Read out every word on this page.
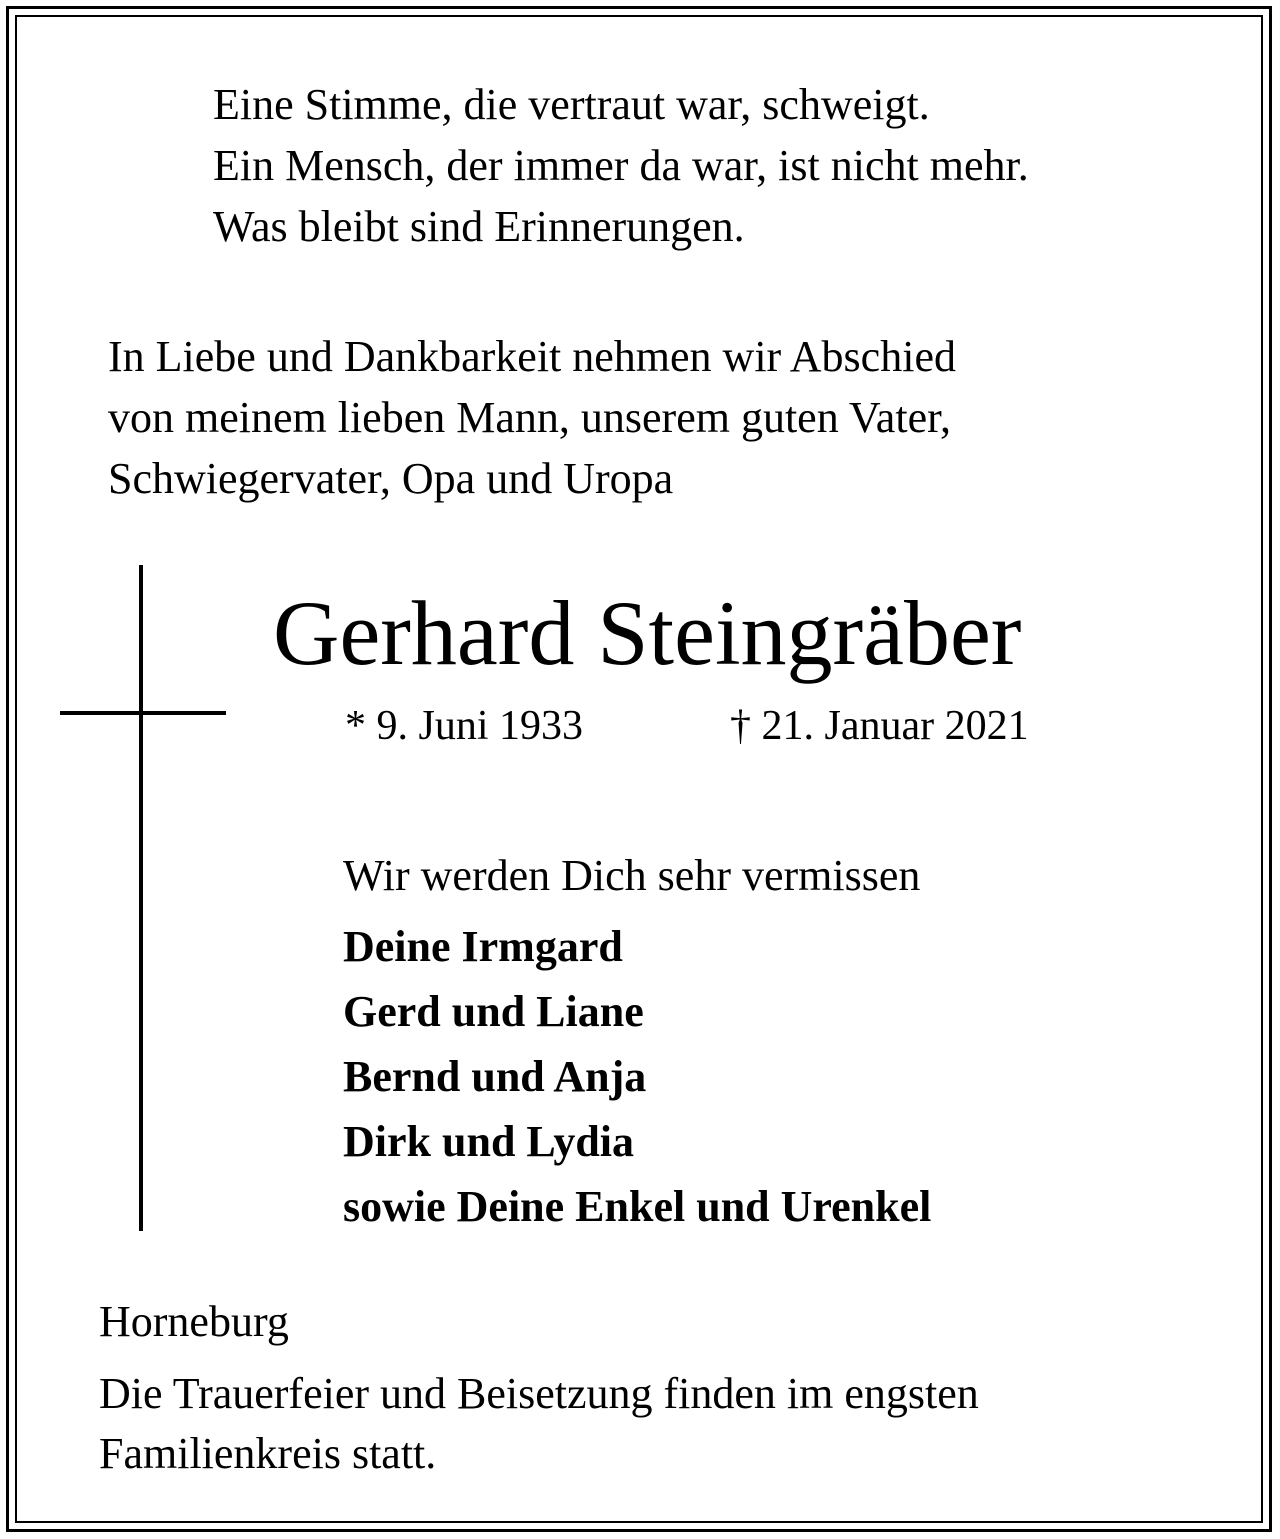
Eine Stimme, die vertraut war, schweigt.
Ein Mensch, der immer da war, ist nicht mehr.
Was bleibt sind Erinnerungen.
In Liebe und Dankbarkeit nehmen wir Abschied
von meinem lieben Mann, unserem guten Vater,
Schwiegervater, Opa und Uropa
Gerhard Steingräber
* 9. Juni 1933	† 21. Januar 2021
Wir werden Dich sehr vermissen
Deine Irmgard
Gerd und Liane
Bernd und Anja
Dirk und Lydia
sowie Deine Enkel und Urenkel
Horneburg
Die Trauerfeier und Beisetzung finden im engsten
Familienkreis statt.
